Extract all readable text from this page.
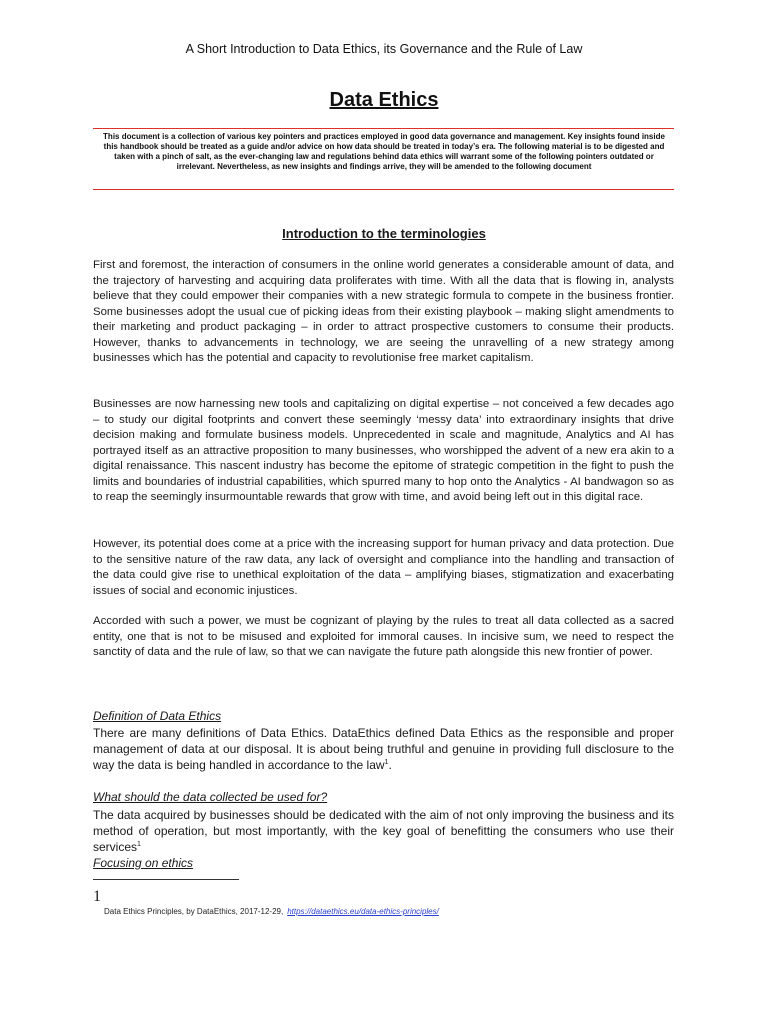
A Short Introduction to Data Ethics, its Governance and the Rule of Law
Data Ethics
This document is a collection of various key pointers and practices employed in good data governance and management. Key insights found inside this handbook should be treated as a guide and/or advice on how data should be treated in today’s era. The following material is to be digested and taken with a pinch of salt, as the ever-changing law and regulations behind data ethics will warrant some of the following pointers outdated or irrelevant. Nevertheless, as new insights and findings arrive, they will be amended to the following document
Introduction to the terminologies
First and foremost, the interaction of consumers in the online world generates a considerable amount of data, and the trajectory of harvesting and acquiring data proliferates with time. With all the data that is flowing in, analysts believe that they could empower their companies with a new strategic formula to compete in the business frontier. Some businesses adopt the usual cue of picking ideas from their existing playbook – making slight amendments to their marketing and product packaging – in order to attract prospective customers to consume their products. However, thanks to advancements in technology, we are seeing the unravelling of a new strategy among businesses which has the potential and capacity to revolutionise free market capitalism.
Businesses are now harnessing new tools and capitalizing on digital expertise – not conceived a few decades ago – to study our digital footprints and convert these seemingly ‘messy data’ into extraordinary insights that drive decision making and formulate business models. Unprecedented in scale and magnitude, Analytics and AI has portrayed itself as an attractive proposition to many businesses, who worshipped the advent of a new era akin to a digital renaissance. This nascent industry has become the epitome of strategic competition in the fight to push the limits and boundaries of industrial capabilities, which spurred many to hop onto the Analytics - AI bandwagon so as to reap the seemingly insurmountable rewards that grow with time, and avoid being left out in this digital race.
However, its potential does come at a price with the increasing support for human privacy and data protection. Due to the sensitive nature of the raw data, any lack of oversight and compliance into the handling and transaction of the data could give rise to unethical exploitation of the data – amplifying biases, stigmatization and exacerbating issues of social and economic injustices.
Accorded with such a power, we must be cognizant of playing by the rules to treat all data collected as a sacred entity, one that is not to be misused and exploited for immoral causes. In incisive sum, we need to respect the sanctity of data and the rule of law, so that we can navigate the future path alongside this new frontier of power.
Definition of Data Ethics
There are many definitions of Data Ethics. DataEthics defined Data Ethics as the responsible and proper management of data at our disposal. It is about being truthful and genuine in providing full disclosure to the way the data is being handled in accordance to the law$^1$.
What should the data collected be used for?
The data acquired by businesses should be dedicated with the aim of not only improving the business and its method of operation, but most importantly, with the key goal of benefitting the consumers who use their services$^1$
Focusing on ethics
1
Data Ethics Principles, by DataEthics, 2017-12-29, https://dataethics.eu/data-ethics-principles/
